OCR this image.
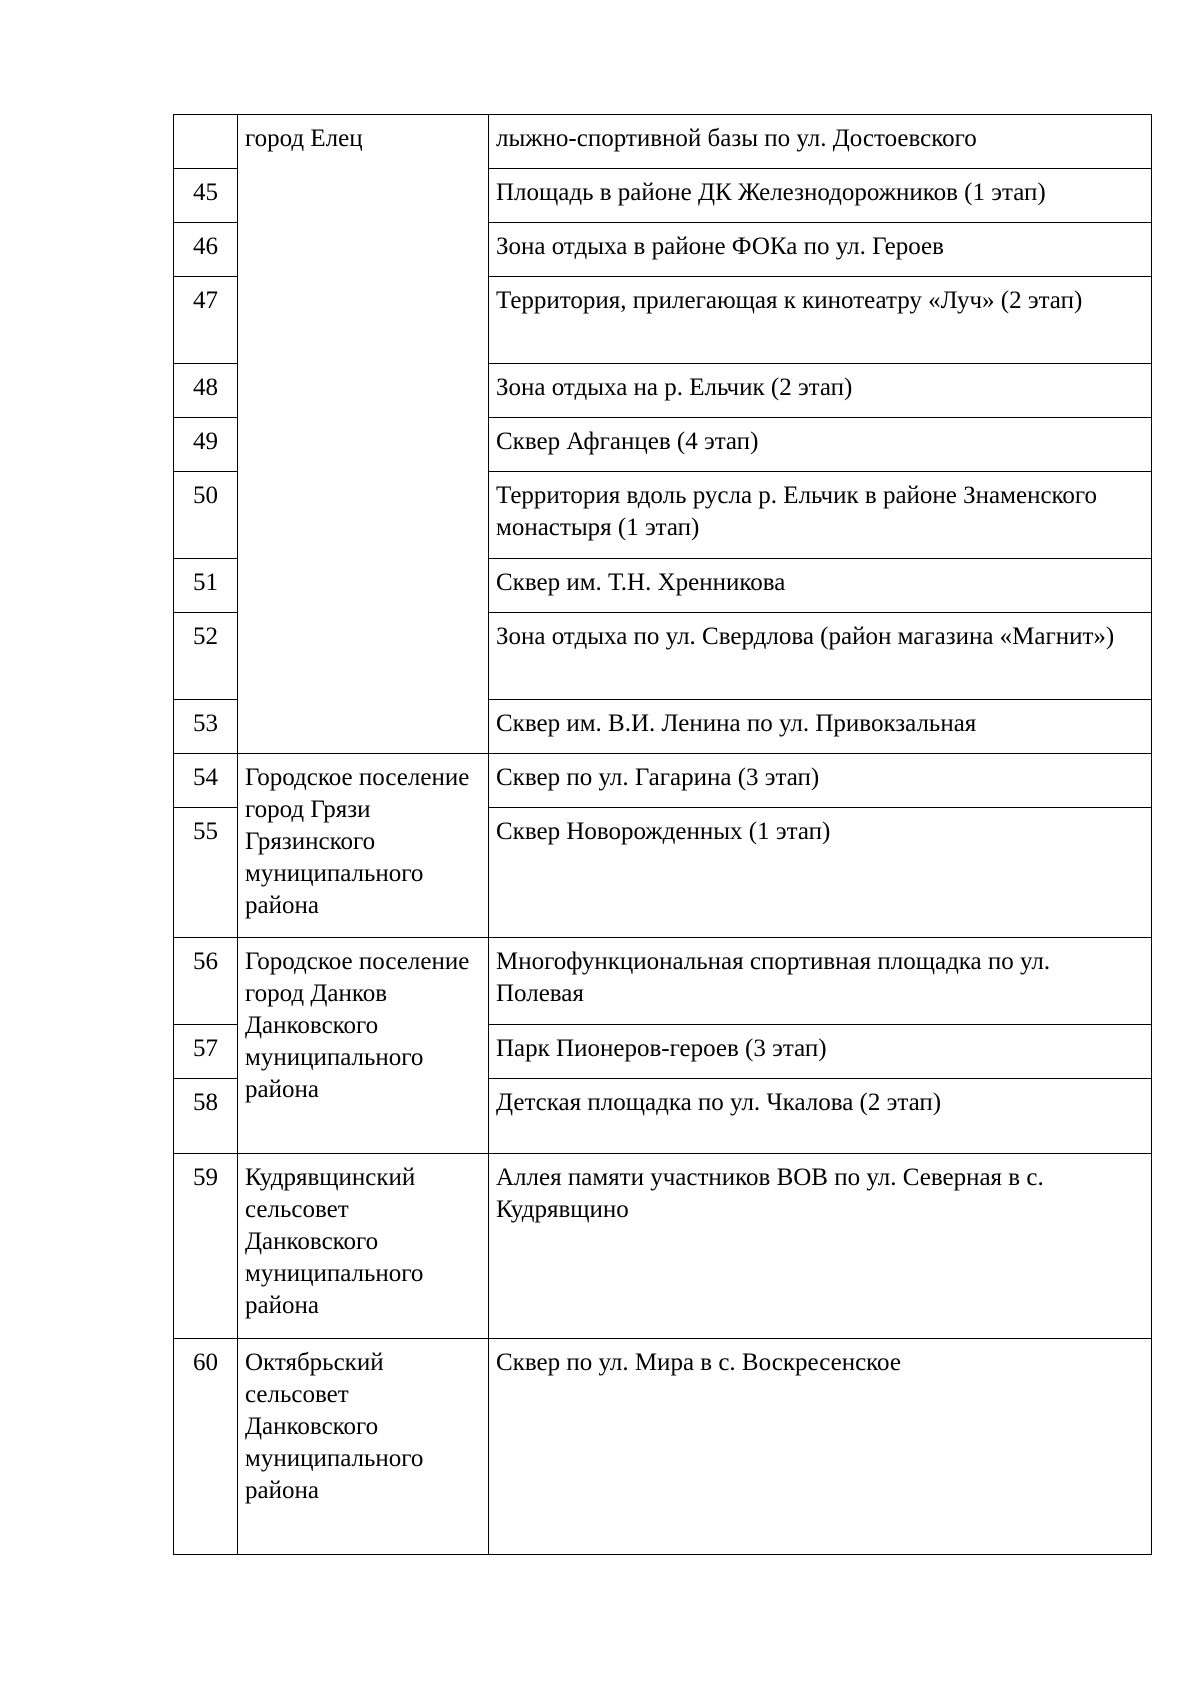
	город Елец	лыжно-спортивной базы по ул. Достоевского
45		Площадь в районе ДК Железнодорожников (1 этап)
46		Зона отдыха в районе ФОКа по ул. Героев
47		Территория, прилегающая к кинотеатру «Луч» (2 этап)
48		Зона отдыха на р. Ельчик (2 этап)
49		Сквер Афганцев (4 этап)
50		Территория вдоль русла р. Ельчик в районе Знаменского монастыря (1 этап)
51		Сквер им. Т.Н. Хренникова
52		Зона отдыха по ул. Свердлова (район магазина «Магнит»)
53		Сквер им. В.И. Ленина по ул. Привокзальная
54	Городское поселение город Грязи Грязинского муниципального района	Сквер по ул. Гагарина (3 этап)
55		Сквер Новорожденных (1 этап)
56	Городское поселение город Данков Данковского муниципального района	Многофункциональная спортивная площадка по ул. Полевая
57		Парк Пионеров-героев (3 этап)
58		Детская площадка по ул. Чкалова (2 этап)
59	Кудрявщинский сельсовет Данковского муниципального района	Аллея памяти участников ВОВ по ул. Северная в с. Кудрявщино
60	Октябрьский сельсовет Данковского муниципального района	Сквер по ул. Мира в с. Воскресенское
